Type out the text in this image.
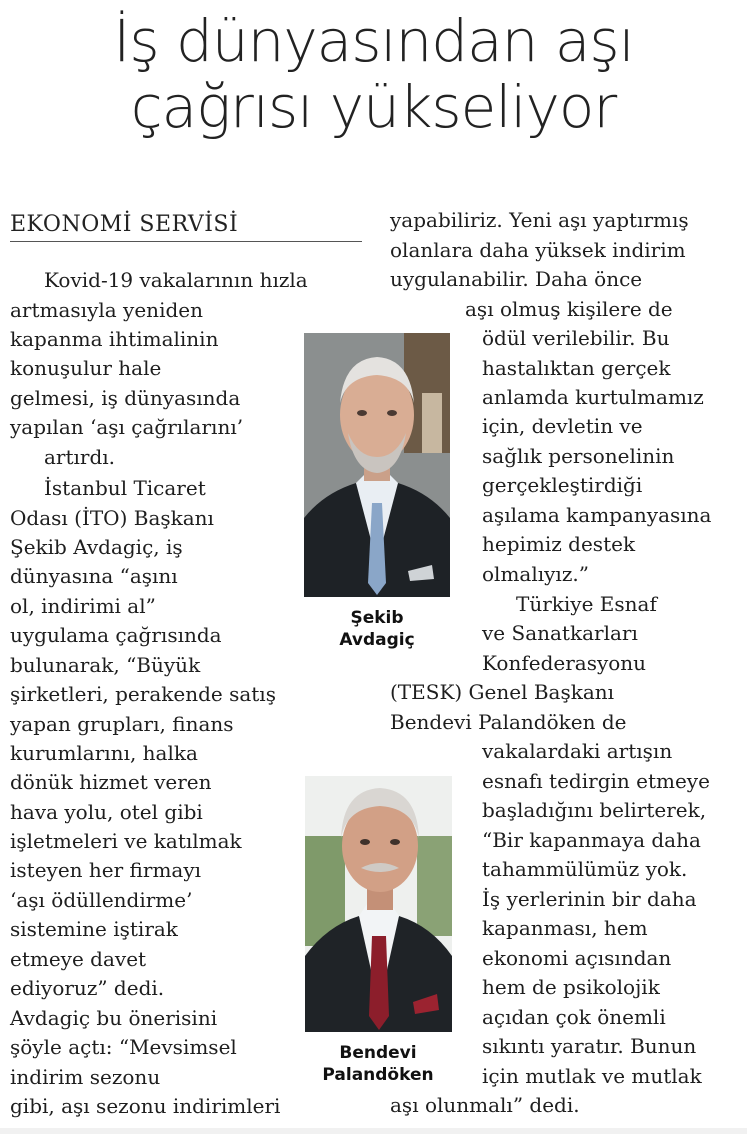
İş dünyasından aşı
çağrısı yükseliyor
EKONOMİ SERVİSİ
Kovid-19 vakalarının hızla
artmasıyla yeniden
kapanma ihtimalinin
konuşulur hale
gelmesi, iş dünyasında
yapılan ‘aşı çağrılarını’
artırdı.
İstanbul Ticaret
Odası (İTO) Başkanı
Şekib Avdagiç, iş
dünyasına “aşını
ol, indirimi al”
uygulama çağrısında
bulunarak, “Büyük
şirketleri, perakende satış
yapan grupları, finans
kurumlarını, halka
dönük hizmet veren
hava yolu, otel gibi
işletmeleri ve katılmak
isteyen her firmayı
‘aşı ödüllendirme’
sistemine iştirak
etmeye davet
ediyoruz” dedi.
Avdagiç bu önerisini
şöyle açtı: “Mevsimsel
indirim sezonu
gibi, aşı sezonu indirimleri
yapabiliriz. Yeni aşı yaptırmış
olanlara daha yüksek indirim
uygulanabilir. Daha önce
aşı olmuş kişilere de
ödül verilebilir. Bu
hastalıktan gerçek
anlamda kurtulmamız
için, devletin ve
sağlık personelinin
gerçekleştirdiği
aşılama kampanyasına
hepimiz destek
olmalıyız.”
Türkiye Esnaf
ve Sanatkarları
Konfederasyonu
(TESK) Genel Başkanı
Bendevi Palandöken de
vakalardaki artışın
esnafı tedirgin etmeye
başladığını belirterek,
“Bir kapanmaya daha
tahammülümüz yok.
İş yerlerinin bir daha
kapanması, hem
ekonomi açısından
hem de psikolojik
açıdan çok önemli
sıkıntı yaratır. Bunun
için mutlak ve mutlak
aşı olunmalı” dedi.
Şekib
Avdagiç
Bendevi
Palandöken
